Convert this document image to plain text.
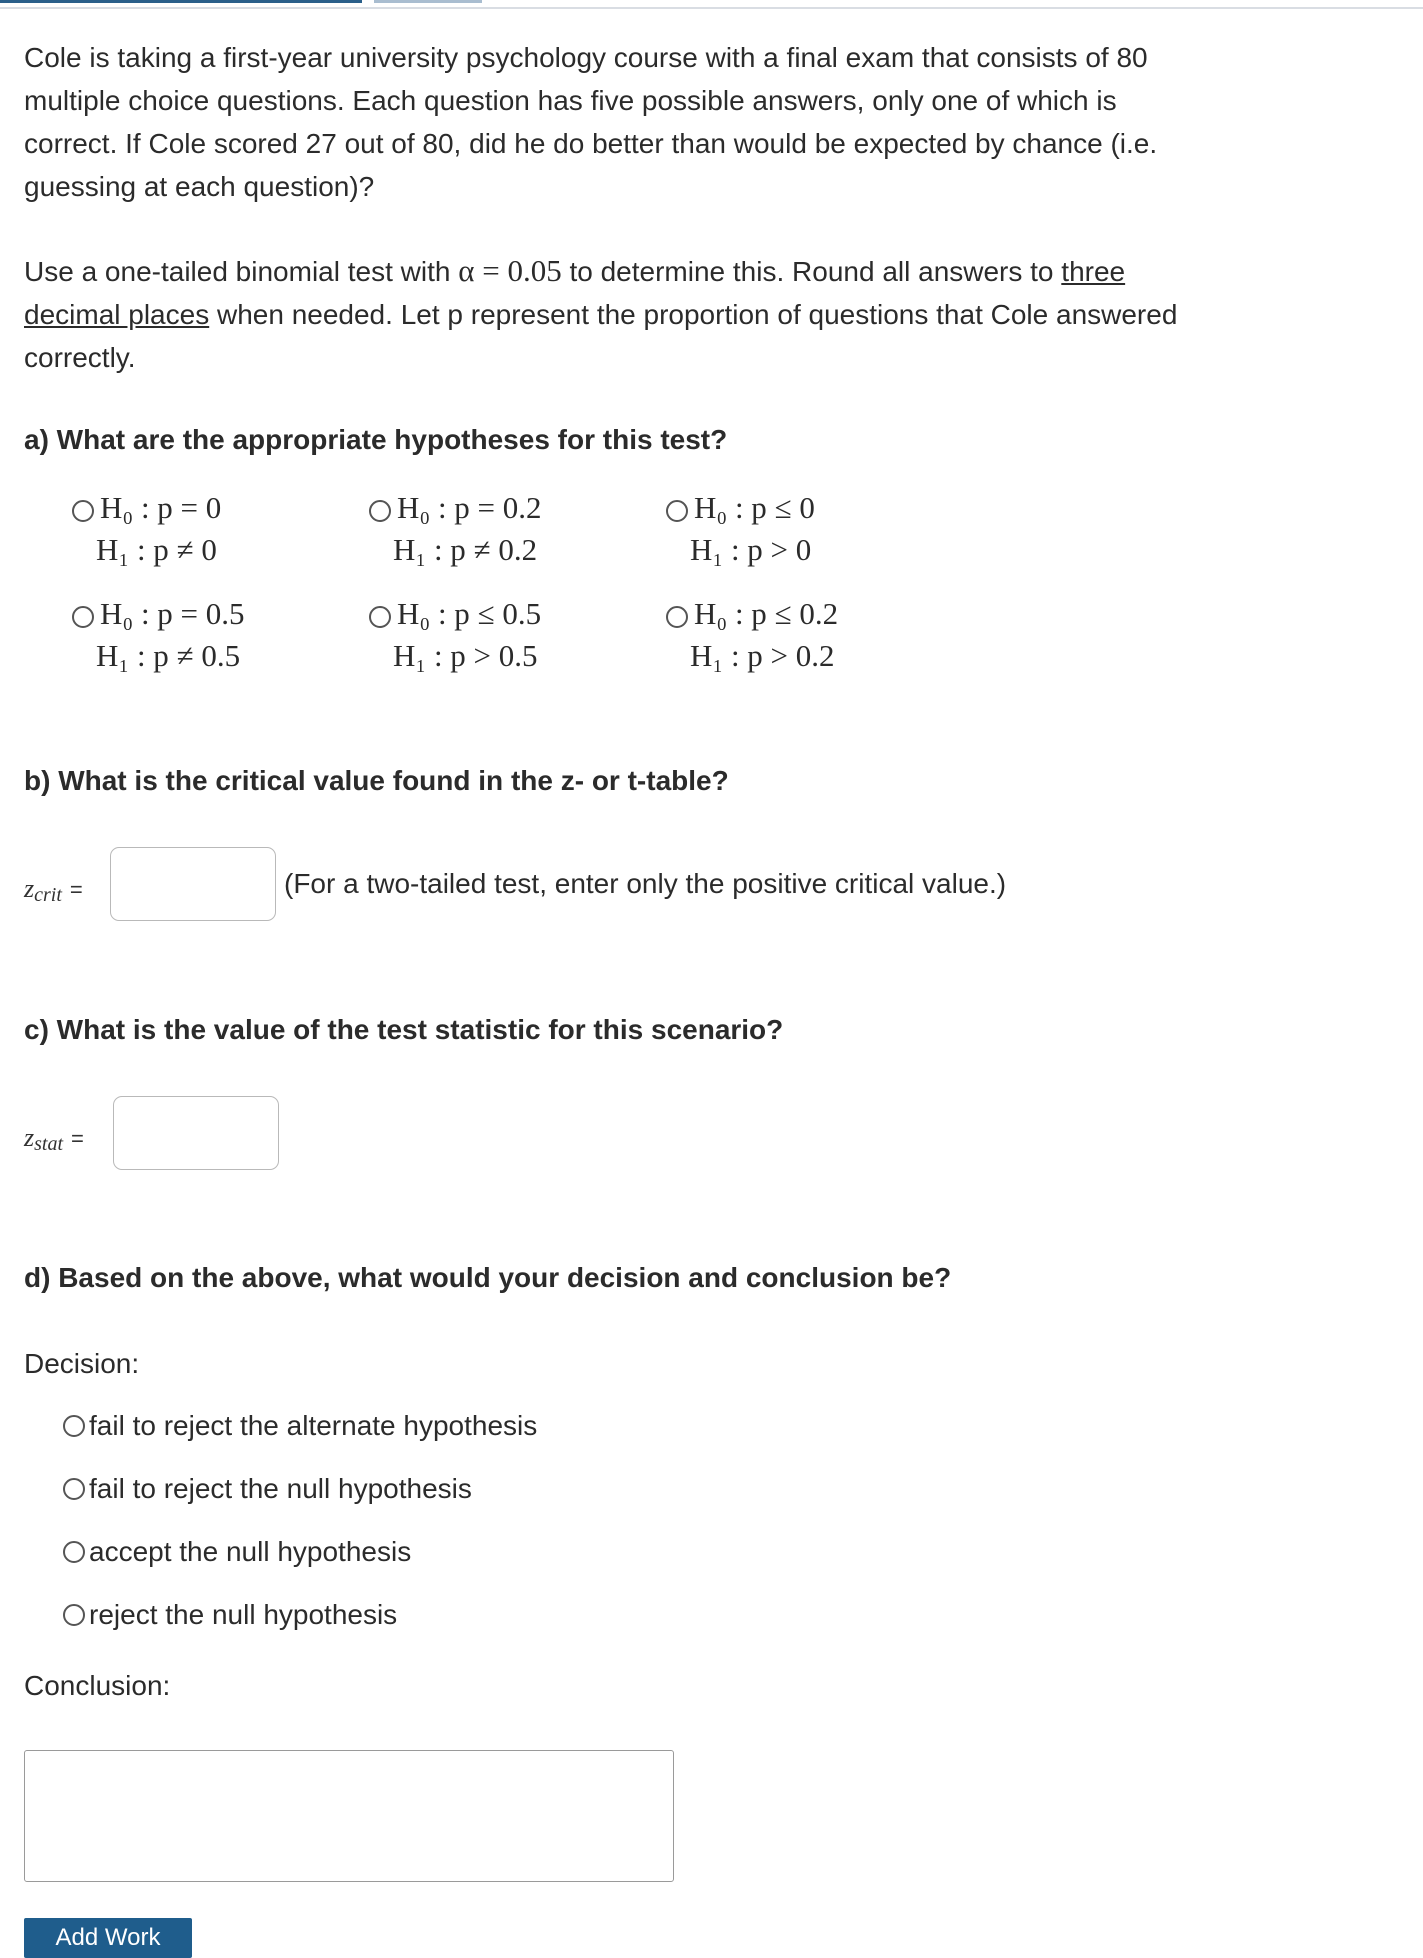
Cole is taking a first-year university psychology course with a final exam that consists of 80 multiple choice questions. Each question has five possible answers, only one of which is correct. If Cole scored 27 out of 80, did he do better than would be expected by chance (i.e. guessing at each question)?

Use a one-tailed binomial test with α = 0.05 to determine this. Round all answers to three decimal places when needed. Let p represent the proportion of questions that Cole answered correctly.

a) What are the appropriate hypotheses for this test?

H₀ : p = 0
H₁ : p ≠ 0
H₀ : p = 0.2
H₁ : p ≠ 0.2
H₀ : p ≤ 0
H₁ : p > 0
H₀ : p = 0.5
H₁ : p ≠ 0.5
H₀ : p ≤ 0.5
H₁ : p > 0.5
H₀ : p ≤ 0.2
H₁ : p > 0.2

b) What is the critical value found in the z- or t-table?

$z_{crit}$ =	(For a two-tailed test, enter only the positive critical value.)

c) What is the value of the test statistic for this scenario?

$z_{stat}$ =

d) Based on the above, what would your decision and conclusion be?

Decision:
fail to reject the alternate hypothesis
fail to reject the null hypothesis
accept the null hypothesis
reject the null hypothesis
Conclusion:
Add Work
